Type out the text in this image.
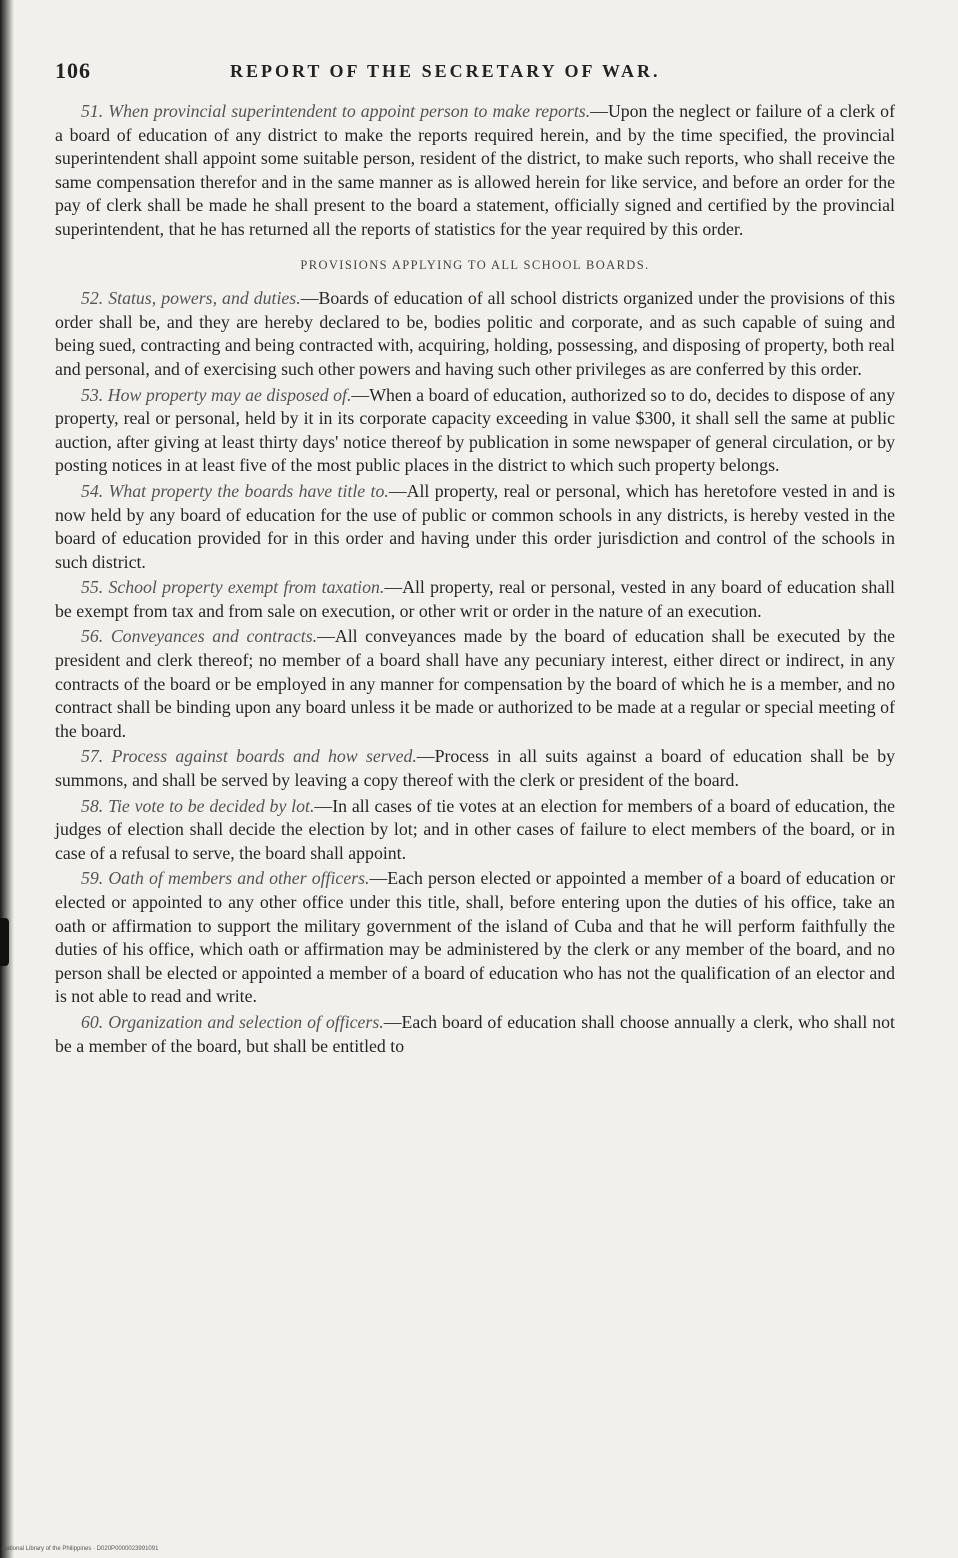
106	REPORT OF THE SECRETARY OF WAR.

51. When provincial superintendent to appoint person to make reports.—Upon the neglect or failure of a clerk of a board of education of any district to make the reports required herein, and by the time specified, the provincial superintendent shall appoint some suitable person, resident of the district, to make such reports, who shall receive the same compensation therefor and in the same manner as is allowed herein for like service, and before an order for the pay of clerk shall be made he shall present to the board a statement, officially signed and certified by the provincial superintendent, that he has returned all the reports of statistics for the year required by this order.

PROVISIONS APPLYING TO ALL SCHOOL BOARDS.

52. Status, powers, and duties.—Boards of education of all school districts organized under the provisions of this order shall be, and they are hereby declared to be, bodies politic and corporate, and as such capable of suing and being sued, contracting and being contracted with, acquiring, holding, possessing, and disposing of property, both real and personal, and of exercising such other powers and having such other privileges as are conferred by this order.

53. How property may ae disposed of.—When a board of education, authorized so to do, decides to dispose of any property, real or personal, held by it in its corporate capacity exceeding in value $300, it shall sell the same at public auction, after giving at least thirty days' notice thereof by publication in some newspaper of general circulation, or by posting notices in at least five of the most public places in the district to which such property belongs.

54. What property the boards have title to.—All property, real or personal, which has heretofore vested in and is now held by any board of education for the use of public or common schools in any districts, is hereby vested in the board of education provided for in this order and having under this order jurisdiction and control of the schools in such district.

55. School property exempt from taxation.—All property, real or personal, vested in any board of education shall be exempt from tax and from sale on execution, or other writ or order in the nature of an execution.

56. Conveyances and contracts.—All conveyances made by the board of education shall be executed by the president and clerk thereof; no member of a board shall have any pecuniary interest, either direct or indirect, in any contracts of the board or be employed in any manner for compensation by the board of which he is a member, and no contract shall be binding upon any board unless it be made or authorized to be made at a regular or special meeting of the board.

57. Process against boards and how served.—Process in all suits against a board of education shall be by summons, and shall be served by leaving a copy thereof with the clerk or president of the board.

58. Tie vote to be decided by lot.—In all cases of tie votes at an election for members of a board of education, the judges of election shall decide the election by lot; and in other cases of failure to elect members of the board, or in case of a refusal to serve, the board shall appoint.

59. Oath of members and other officers.—Each person elected or appointed a member of a board of education or elected or appointed to any other office under this title, shall, before entering upon the duties of his office, take an oath or affirmation to support the military government of the island of Cuba and that he will perform faithfully the duties of his office, which oath or affirmation may be administered by the clerk or any member of the board, and no person shall be elected or appointed a member of a board of education who has not the qualification of an elector and is not able to read and write.

60. Organization and selection of officers.—Each board of education shall choose annually a clerk, who shall not be a member of the board, but shall be entitled to

National Library of the Philippines · D020P0000023991091
